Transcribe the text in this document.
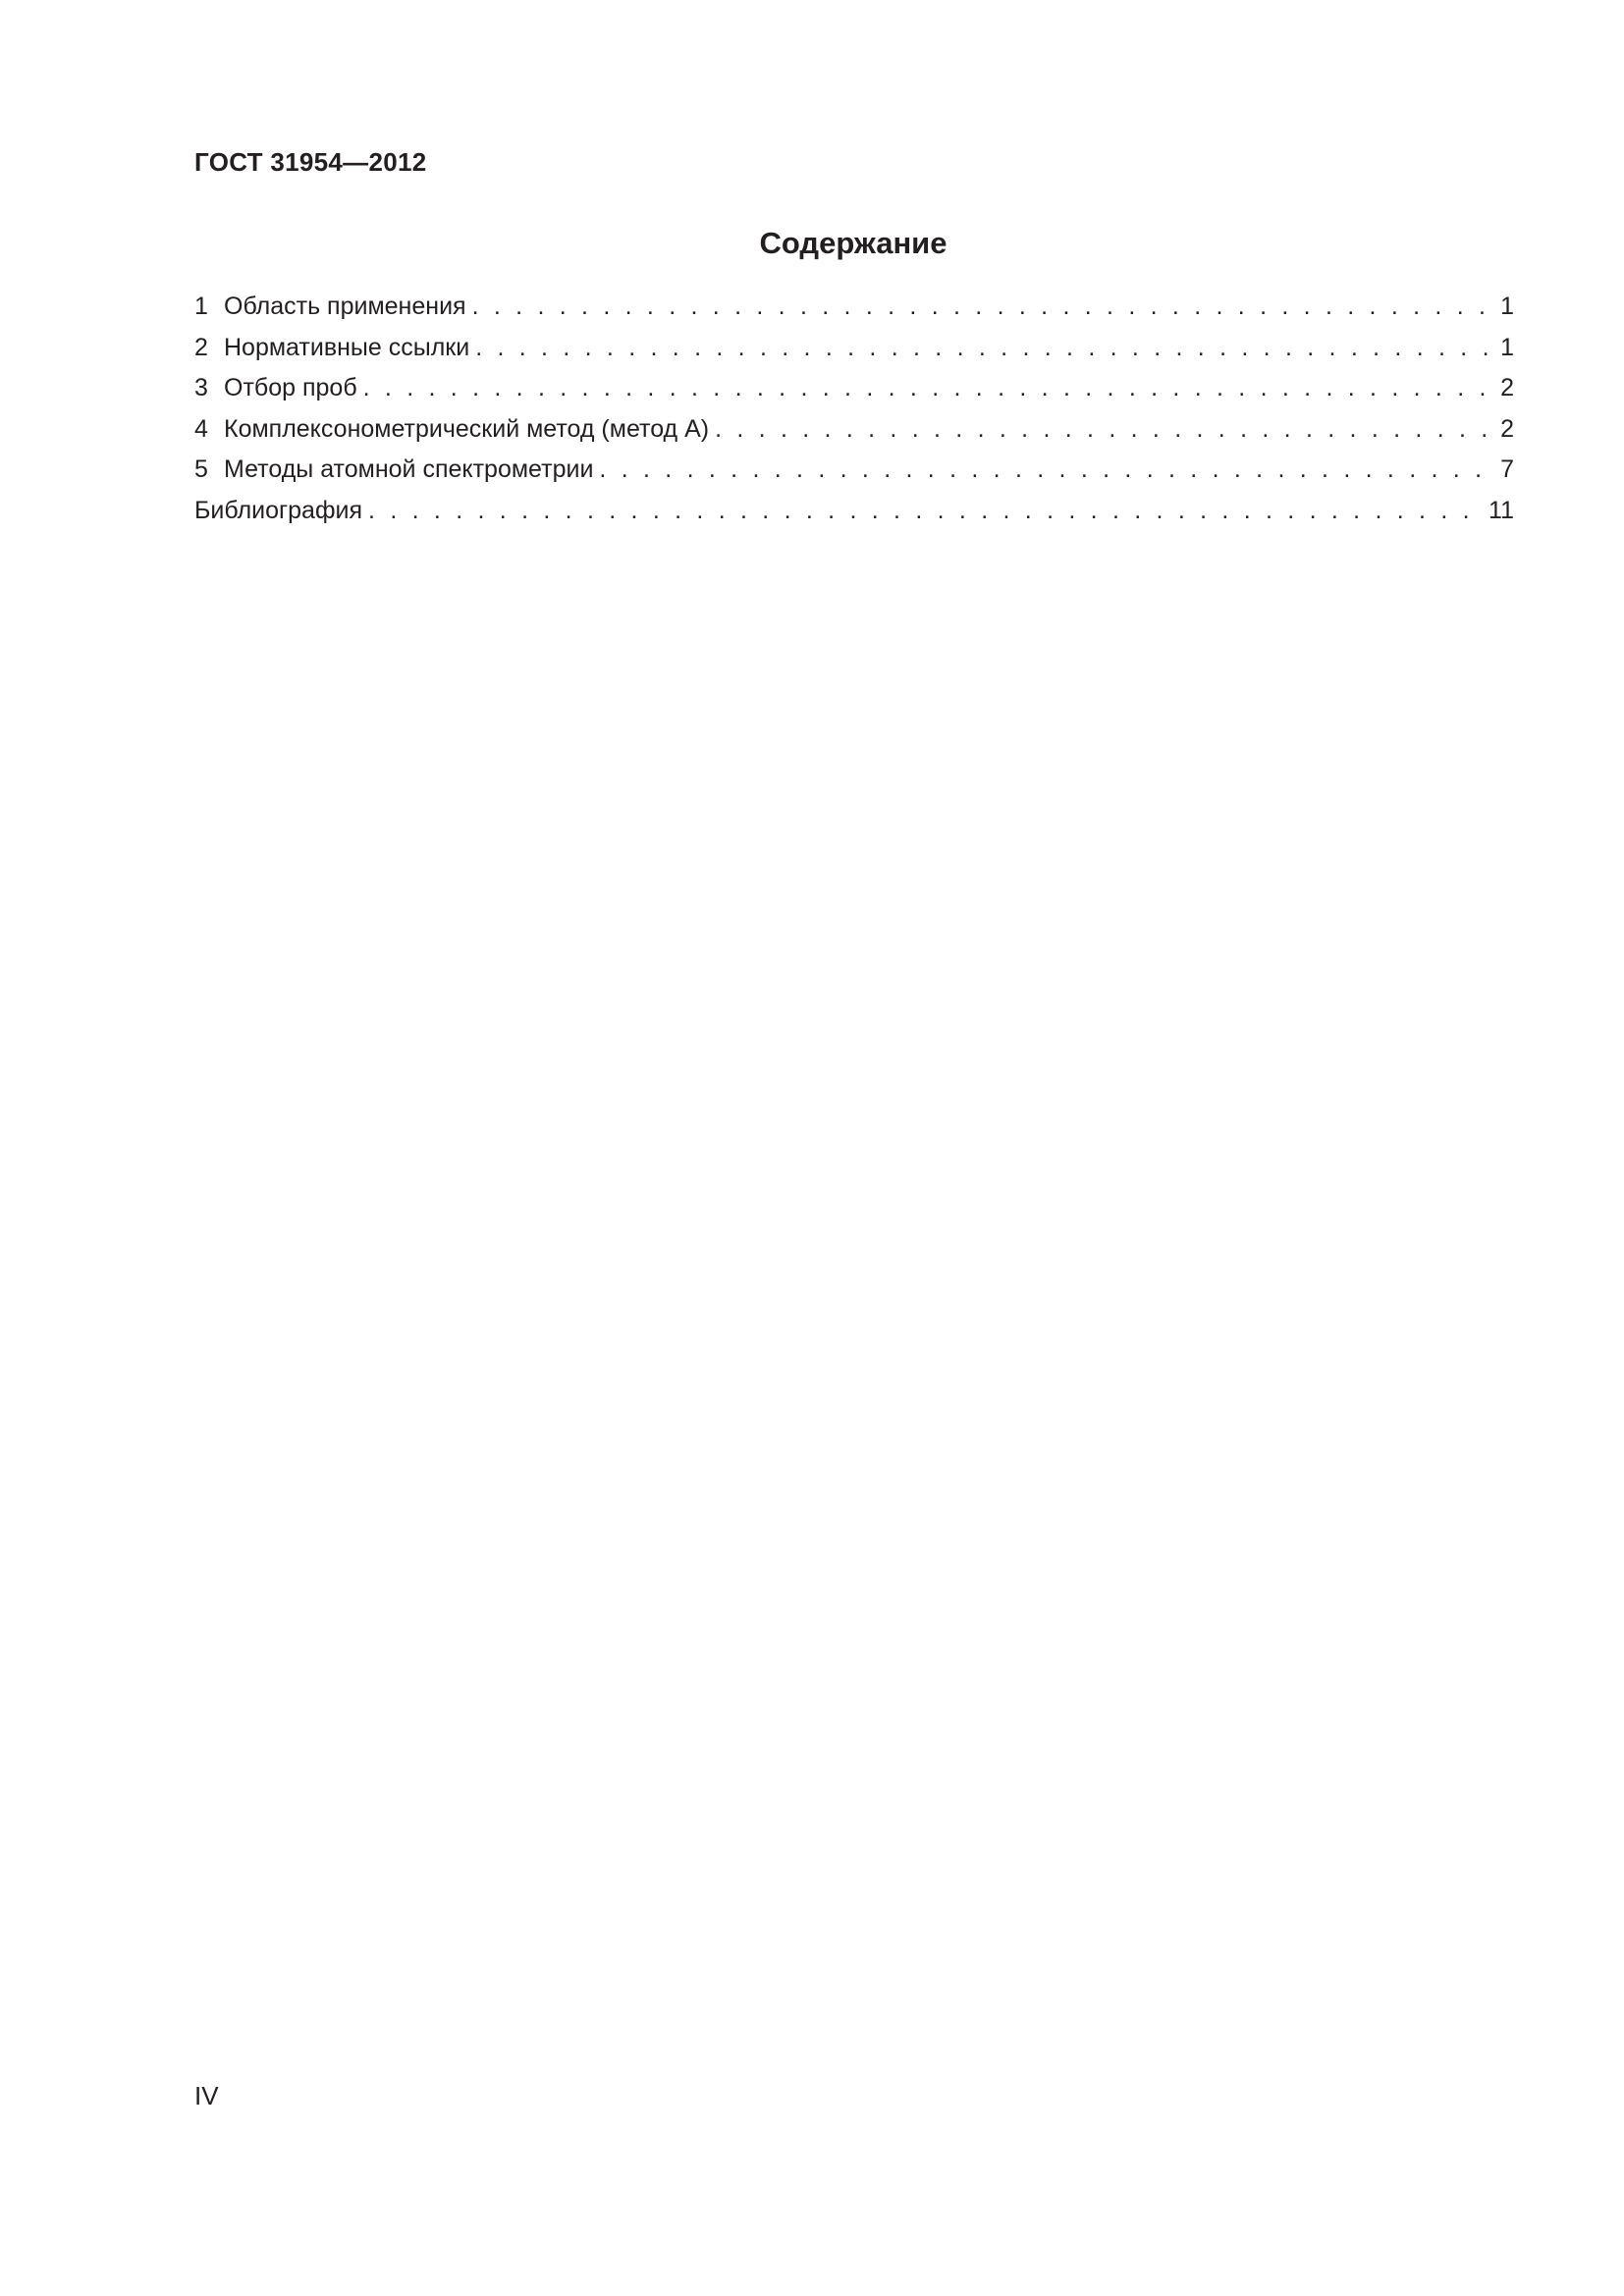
ГОСТ 31954—2012
Содержание
1 Область применения . . .	1
2 Нормативные ссылки . . .	1
3 Отбор проб . . .	2
4 Комплексонометрический метод (метод А) . . .	2
5 Методы атомной спектрометрии . . .	7
Библиография . . .	11
IV
